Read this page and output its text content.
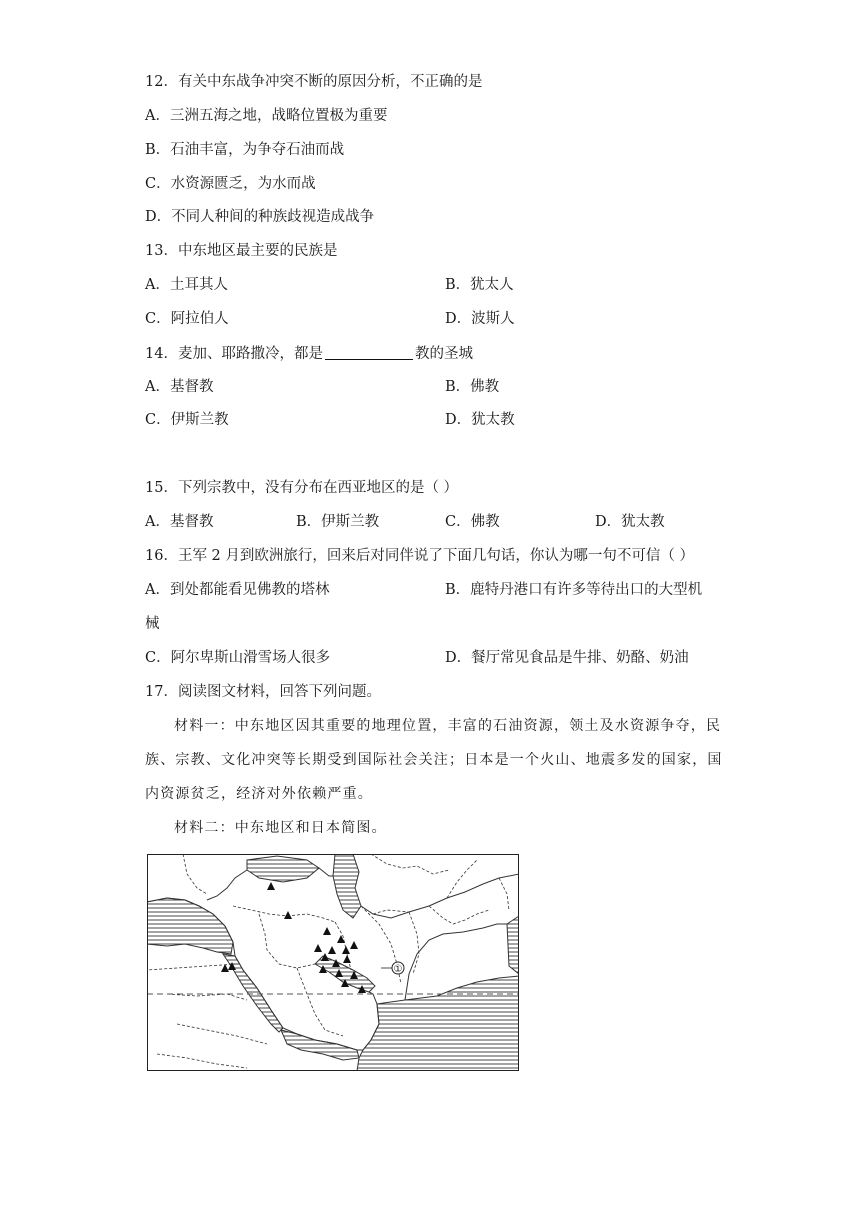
12．有关中东战争冲突不断的原因分析，不正确的是
A．三洲五海之地，战略位置极为重要
B．石油丰富，为争夺石油而战
C．水资源匮乏，为水而战
D．不同人种间的种族歧视造成战争
13．中东地区最主要的民族是
A．土耳其人	B．犹太人
C．阿拉伯人	D．波斯人
14．麦加、耶路撒冷，都是	教的圣城
A．基督教	B．佛教
C．伊斯兰教	D．犹太教
15．下列宗教中，没有分布在西亚地区的是（ ）
A．基督教	B．伊斯兰教	C．佛教	D．犹太教
16．王军 2 月到欧洲旅行，回来后对同伴说了下面几句话，你认为哪一句不可信（ ）
A．到处都能看见佛教的塔林	B．鹿特丹港口有许多等待出口的大型机
械
C．阿尔卑斯山滑雪场人很多	D．餐厅常见食品是牛排、奶酪、奶油
17．阅读图文材料，回答下列问题。
材料一：中东地区因其重要的地理位置，丰富的石油资源，领土及水资源争夺，民
族、宗教、文化冲突等长期受到国际社会关注；日本是一个火山、地震多发的国家，国
内资源贫乏，经济对外依赖严重。
材料二：中东地区和日本简图。
①
